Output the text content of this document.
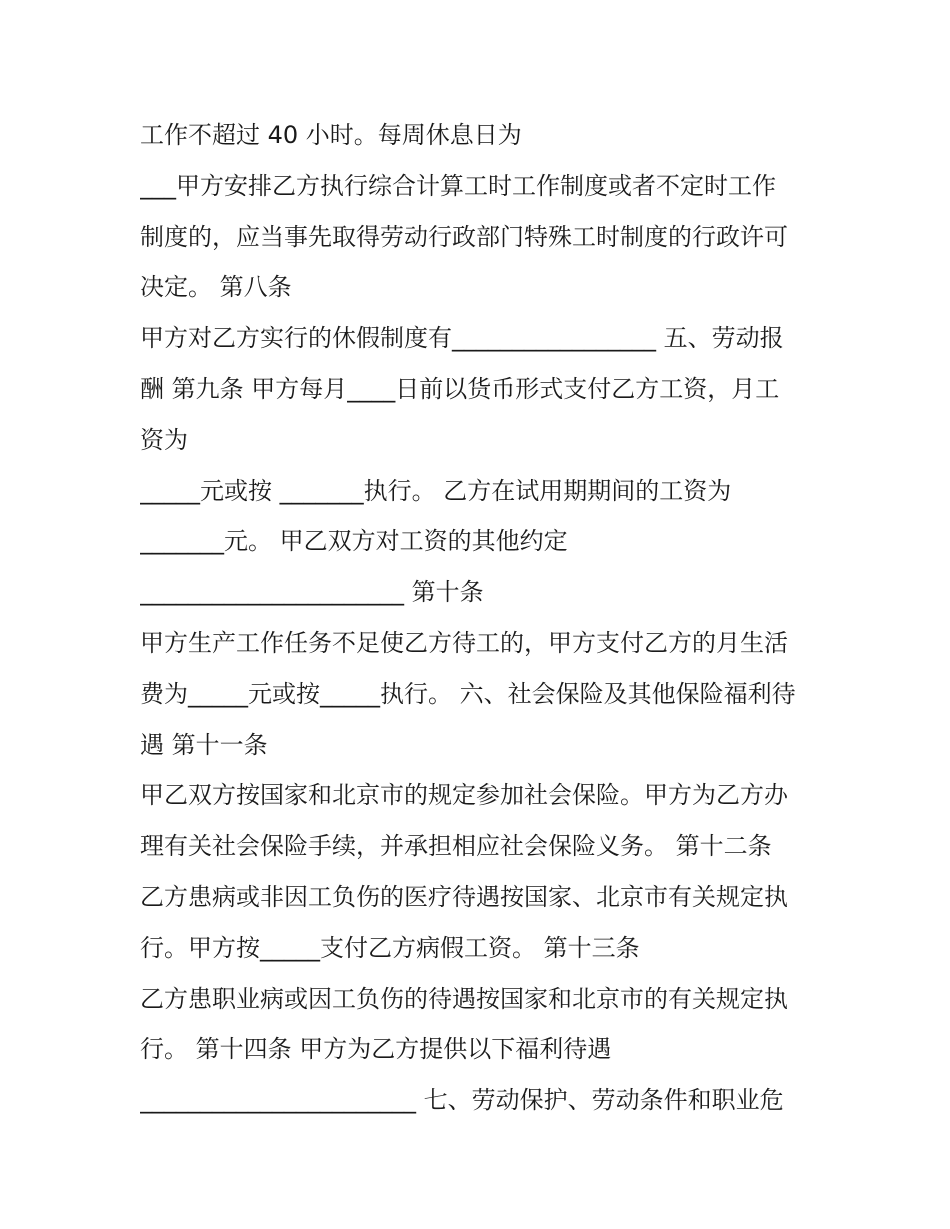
工作不超过 40 小时。每周休息日为
___甲方安排乙方执行综合计算工时工作制度或者不定时工作
制度的，应当事先取得劳动行政部门特殊工时制度的行政许可
决定。 第八条
甲方对乙方实行的休假制度有_________________ 五、劳动报
酬 第九条 甲方每月____日前以货币形式支付乙方工资，月工
资为
_____元或按 _______执行。 乙方在试用期期间的工资为
_______元。 甲乙双方对工资的其他约定
______________________ 第十条
甲方生产工作任务不足使乙方待工的，甲方支付乙方的月生活
费为_____元或按_____执行。 六、社会保险及其他保险福利待
遇 第十一条
甲乙双方按国家和北京市的规定参加社会保险。甲方为乙方办
理有关社会保险手续，并承担相应社会保险义务。 第十二条
乙方患病或非因工负伤的医疗待遇按国家、北京市有关规定执
行。甲方按_____支付乙方病假工资。 第十三条
乙方患职业病或因工负伤的待遇按国家和北京市的有关规定执
行。 第十四条 甲方为乙方提供以下福利待遇
_______________________ 七、劳动保护、劳动条件和职业危
